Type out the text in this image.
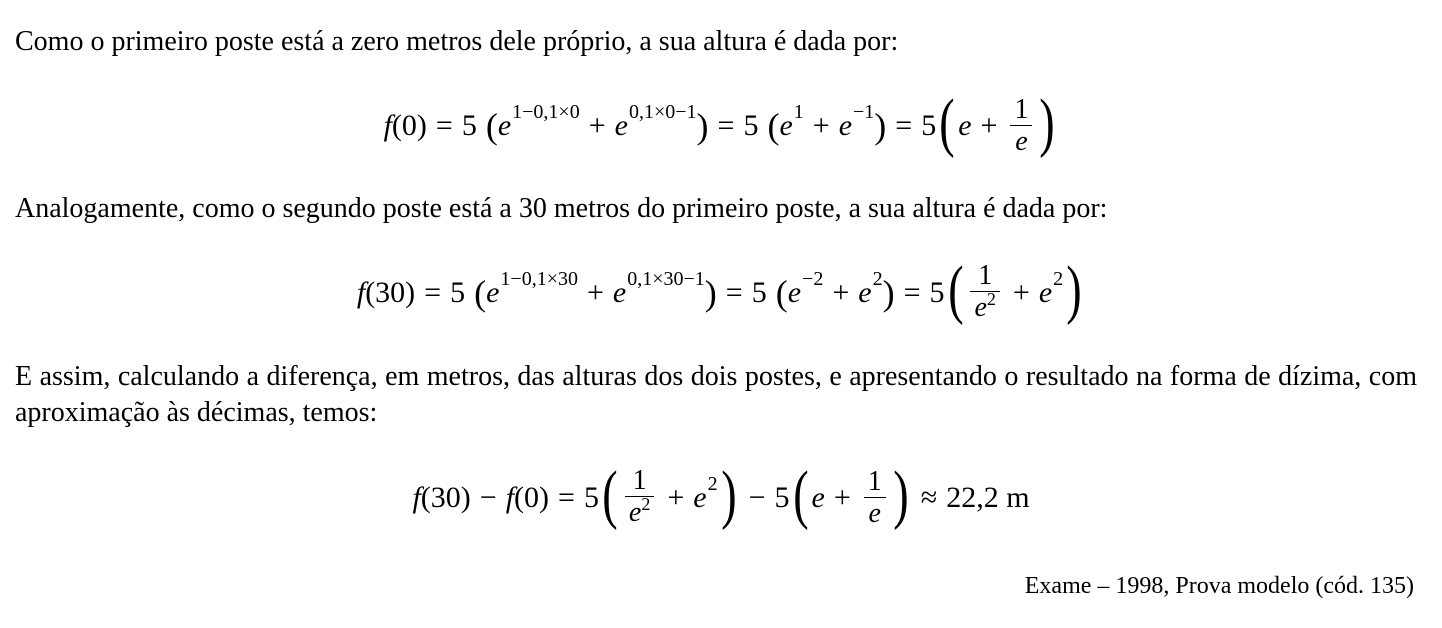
Como o primeiro poste está a zero metros dele próprio, a sua altura é dada por:

f (0) = 5 ( e 1−0,1×0 + e 0,1×0−1 ) = 5 ( e 1 + e −1 ) = 5 ( $e + \frac{1}{e}$ )

Analogamente, como o segundo poste está a 30 metros do primeiro poste, a sua altura é dada por:

f (30) = 5 ( e 1−0,1×30 + e 0,1×30−1 ) = 5 ( e −2 + e 2 ) = 5 ( $\frac{1}{e^2} + e$ 2 )

E assim, calculando a diferença, em metros, das alturas dos dois postes, e apresentando o resultado na forma de dízima, com aproximação às décimas, temos:

f (30) − f (0) = 5 ( $\frac{1}{e^2} + e$ 2 ) − 5 ( $e + \frac{1}{e}$ ) ≈ 22,2 m

Exame – 1998, Prova modelo (cód. 135)
